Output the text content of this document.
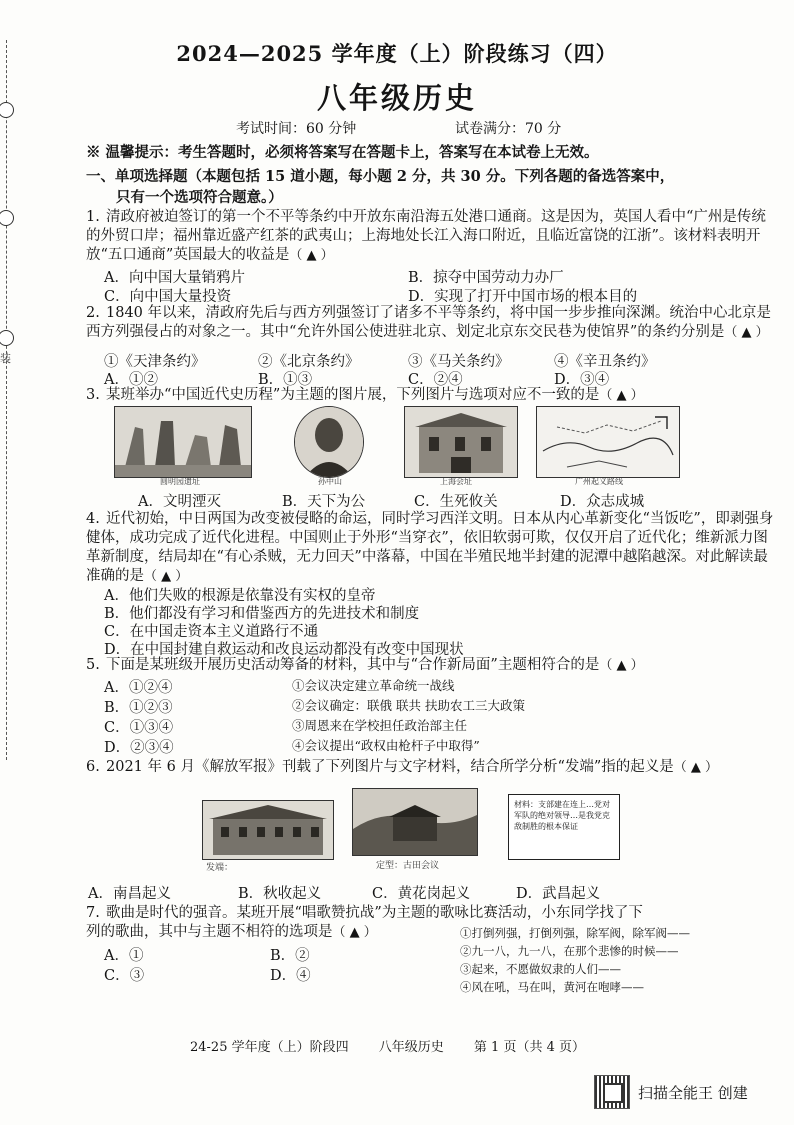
装
2024—2025 学年度（上）阶段练习（四）
八年级历史
考试时间：60 分钟	试卷满分：70 分
※ 温馨提示：考生答题时，必须将答案写在答题卡上，答案写在本试卷上无效。
一、单项选择题（本题包括 15 道小题，每小题 2 分，共 30 分。下列各题的备选答案中，
只有一个选项符合题意。）

1. 清政府被迫签订的第一个不平等条约中开放东南沿海五处港口通商。这是因为，英国人看中“广州是传统的外贸口岸；福州靠近盛产红茶的武夷山；上海地处长江入海口附近，且临近富饶的江浙”。该材料表明开放“五口通商”英国最大的收益是（ ▲ ）

A．向中国大量销鸦片	B．掠夺中国劳动力办厂
C．向中国大量投资	D．实现了打开中国市场的根本目的

2. 1840 年以来，清政府先后与西方列强签订了诸多不平等条约，将中国一步步推向深渊。统治中心北京是西方列强侵占的对象之一。其中“允许外国公使进驻北京、划定北京东交民巷为使馆界”的条约分别是（ ▲ ）

①《天津条约》	②《北京条约》	③《马关条约》	④《辛丑条约》
A．①②	B．①③	C．②④	D．③④

3. 某班举办“中国近代史历程”为主题的图片展，下列图片与选项对应不一致的是（ ▲ ）

圆明园遗址	孙中山	上海会址	广州起义路线
A．文明湮灭	B．天下为公	C．生死攸关	D．众志成城

4. 近代初始，中日两国为改变被侵略的命运，同时学习西洋文明。日本从内心革新变化“当饭吃”，即剥强身健体，成功完成了近代化进程。中国则止于外形“当穿衣”，依旧软弱可欺，仅仅开启了近代化；维新派力图革新制度，结局却在“有心杀贼，无力回天”中落幕，中国在半殖民地半封建的泥潭中越陷越深。对此解读最准确的是（ ▲ ）

A．他们失败的根源是依靠没有实权的皇帝
B．他们都没有学习和借鉴西方的先进技术和制度
C．在中国走资本主义道路行不通
D．在中国封建自救运动和改良运动都没有改变中国现状

5. 下面是某班级开展历史活动筹备的材料，其中与“合作新局面”主题相符合的是（ ▲ ）

A．①②④
B．①②③
C．①③④
D．②③④
①会议决定建立革命统一战线
②会议确定：联俄 联共 扶助农工三大政策
③周恩来在学校担任政治部主任
④会议提出“政权由枪杆子中取得”

6. 2021 年 6 月《解放军报》刊载了下列图片与文字材料，结合所学分析“发端”指的起义是（ ▲ ）

发端：	定型：古田会议
材料：支部建在连上…党对军队的绝对领导…是我党克敌制胜的根本保证
A．南昌起义	B．秋收起义	C．黄花岗起义	D．武昌起义

7. 歌曲是时代的强音。某班开展“唱歌赞抗战”为主题的歌咏比赛活动，小东同学找了下列的歌曲，其中与主题不相符的选项是（ ▲ ）

A．①	B．②
C．③	D．④
①打倒列强，打倒列强，除军阀，除军阀——
②九一八，九一八，在那个悲惨的时候——
③起来，不愿做奴隶的人们——
④风在吼，马在叫，黄河在咆哮——
24-25 学年度（上）阶段四 八年级历史 第 1 页（共 4 页）
扫描全能王 创建
